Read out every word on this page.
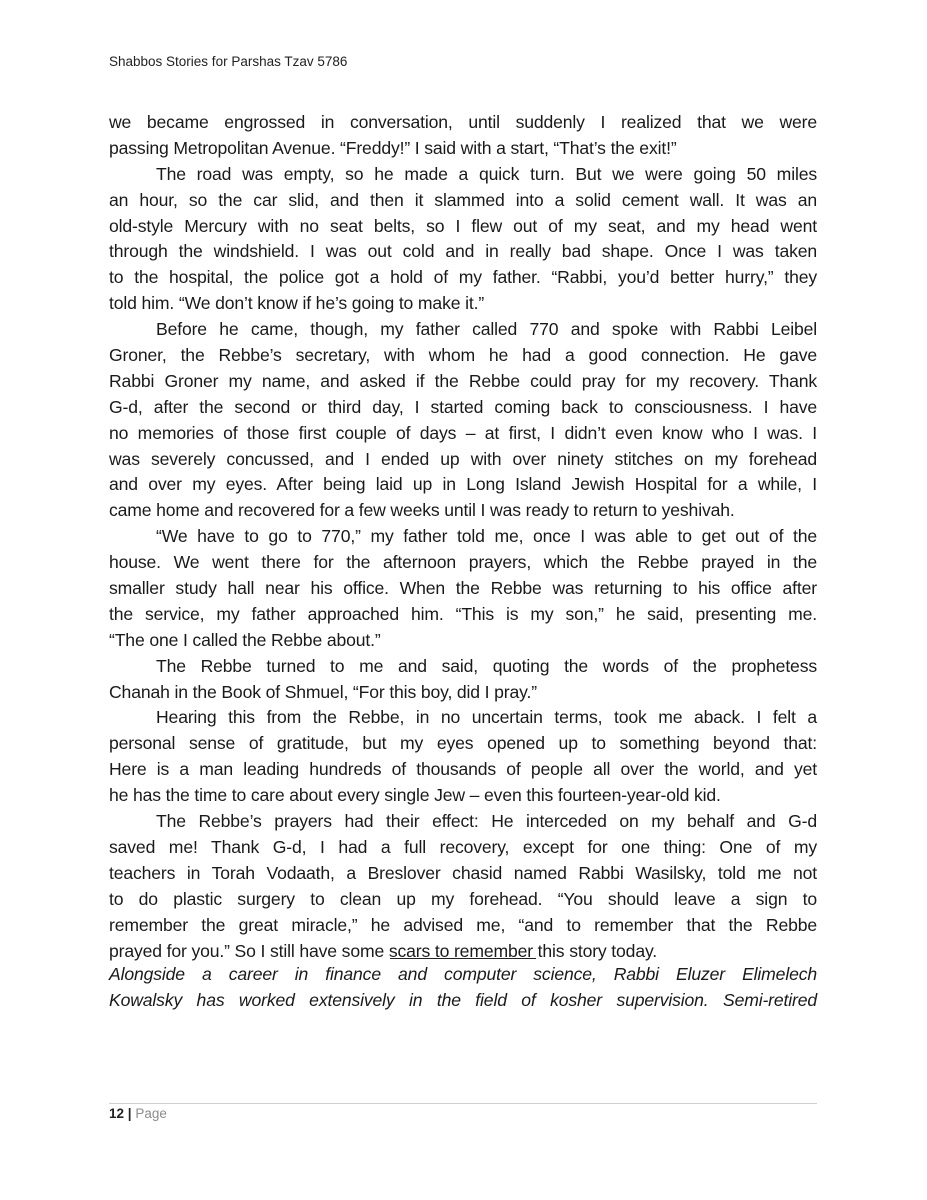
Shabbos Stories for Parshas Tzav 5786
we became engrossed in conversation, until suddenly I realized that we were
passing Metropolitan Avenue. “Freddy!” I said with a start, “That’s the exit!”
The road was empty, so he made a quick turn. But we were going 50 miles
an hour, so the car slid, and then it slammed into a solid cement wall. It was an
old-style Mercury with no seat belts, so I flew out of my seat, and my head went
through the windshield. I was out cold and in really bad shape. Once I was taken
to the hospital, the police got a hold of my father. “Rabbi, you’d better hurry,” they
told him. “We don’t know if he’s going to make it.”
Before he came, though, my father called 770 and spoke with Rabbi Leibel
Groner, the Rebbe’s secretary, with whom he had a good connection. He gave
Rabbi Groner my name, and asked if the Rebbe could pray for my recovery. Thank
G-d, after the second or third day, I started coming back to consciousness. I have
no memories of those first couple of days – at first, I didn’t even know who I was. I
was severely concussed, and I ended up with over ninety stitches on my forehead
and over my eyes. After being laid up in Long Island Jewish Hospital for a while, I
came home and recovered for a few weeks until I was ready to return to yeshivah.
“We have to go to 770,” my father told me, once I was able to get out of the
house. We went there for the afternoon prayers, which the Rebbe prayed in the
smaller study hall near his office. When the Rebbe was returning to his office after
the service, my father approached him. “This is my son,” he said, presenting me.
“The one I called the Rebbe about.”
The Rebbe turned to me and said, quoting the words of the prophetess
Chanah in the Book of Shmuel, “For this boy, did I pray.”
Hearing this from the Rebbe, in no uncertain terms, took me aback. I felt a
personal sense of gratitude, but my eyes opened up to something beyond that:
Here is a man leading hundreds of thousands of people all over the world, and yet
he has the time to care about every single Jew – even this fourteen-year-old kid.
The Rebbe’s prayers had their effect: He interceded on my behalf and G-d
saved me! Thank G-d, I had a full recovery, except for one thing: One of my
teachers in Torah Vodaath, a Breslover chasid named Rabbi Wasilsky, told me not
to do plastic surgery to clean up my forehead. “You should leave a sign to
remember the great miracle,” he advised me, “and to remember that the Rebbe
prayed for you.” So I still have some scars to remember this story today.
Alongside a career in finance and computer science, Rabbi Eluzer Elimelech
Kowalsky has worked extensively in the field of kosher supervision. Semi-retired
12 | Page
